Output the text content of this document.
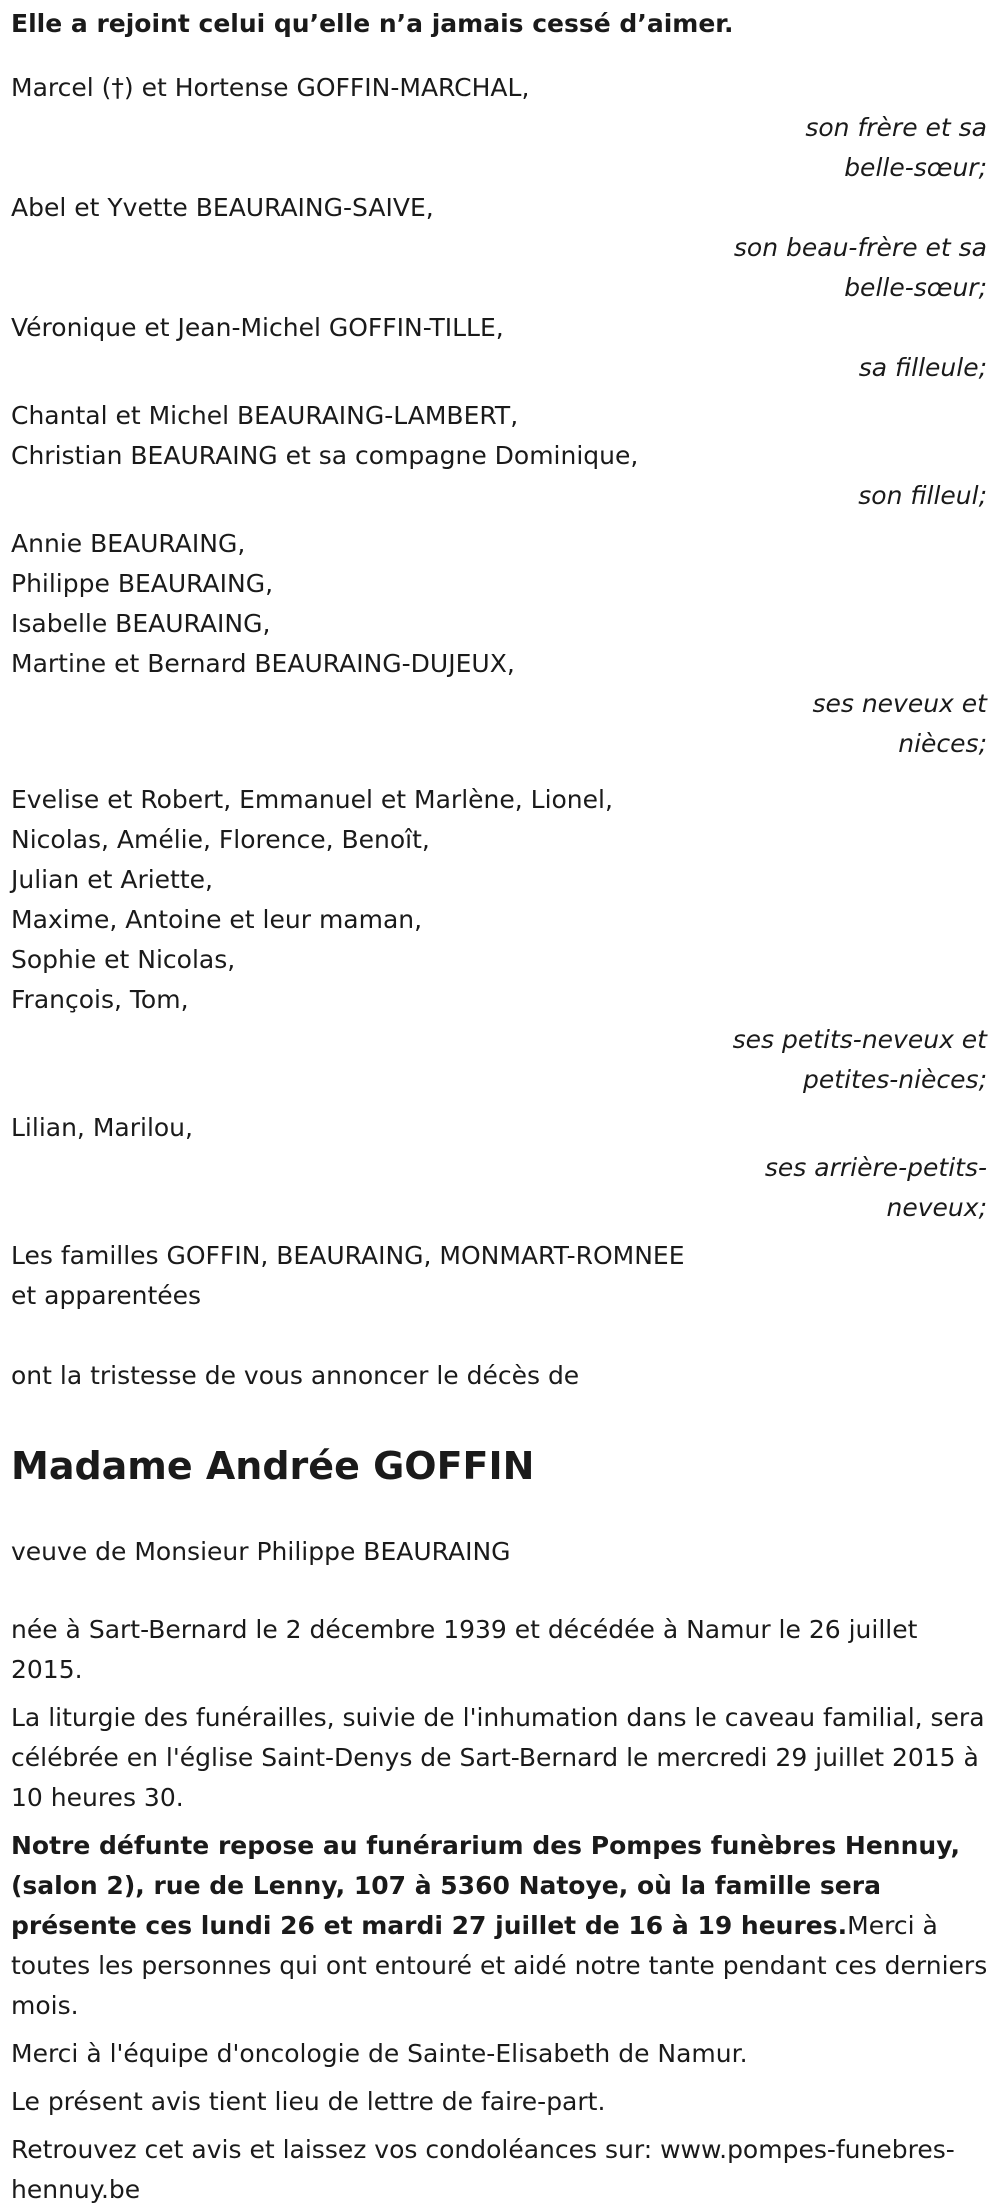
Elle a rejoint celui qu’elle n’a jamais cessé d’aimer.

Marcel (†) et Hortense GOFFIN-MARCHAL,

son frère et sa

belle-sœur;

Abel et Yvette BEAURAING-SAIVE,

son beau-frère et sa

belle-sœur;

Véronique et Jean-Michel GOFFIN-TILLE,

sa filleule;

Chantal et Michel BEAURAING-LAMBERT,

Christian BEAURAING et sa compagne Dominique,

son filleul;

Annie BEAURAING,

Philippe BEAURAING,

Isabelle BEAURAING,

Martine et Bernard BEAURAING-DUJEUX,

ses neveux et

nièces;

Evelise et Robert, Emmanuel et Marlène, Lionel,

Nicolas, Amélie, Florence, Benoît,

Julian et Ariette,

Maxime, Antoine et leur maman,

Sophie et Nicolas,

François, Tom,

ses petits-neveux et

petites-nièces;

Lilian, Marilou,

ses arrière-petits-

neveux;

Les familles GOFFIN, BEAURAING, MONMART-ROMNEE

et apparentées

ont la tristesse de vous annoncer le décès de

Madame Andrée GOFFIN

veuve de Monsieur Philippe BEAURAING

née à Sart-Bernard le 2 décembre 1939 et décédée à Namur le 26 juillet 2015.

La liturgie des funérailles, suivie de l'inhumation dans le caveau familial, sera célébrée en l'église Saint-Denys de Sart-Bernard le mercredi 29 juillet 2015 à 10 heures 30.

Notre défunte repose au funérarium des Pompes funèbres Hennuy, (salon 2), rue de Lenny, 107 à 5360 Natoye, où la famille sera présente ces lundi 26 et mardi 27 juillet de 16 à 19 heures.Merci à toutes les personnes qui ont entouré et aidé notre tante pendant ces derniers mois.

Merci à l'équipe d'oncologie de Sainte-Elisabeth de Namur.

Le présent avis tient lieu de lettre de faire-part.

Retrouvez cet avis et laissez vos condoléances sur: www.pompes-funebres-hennuy.be
